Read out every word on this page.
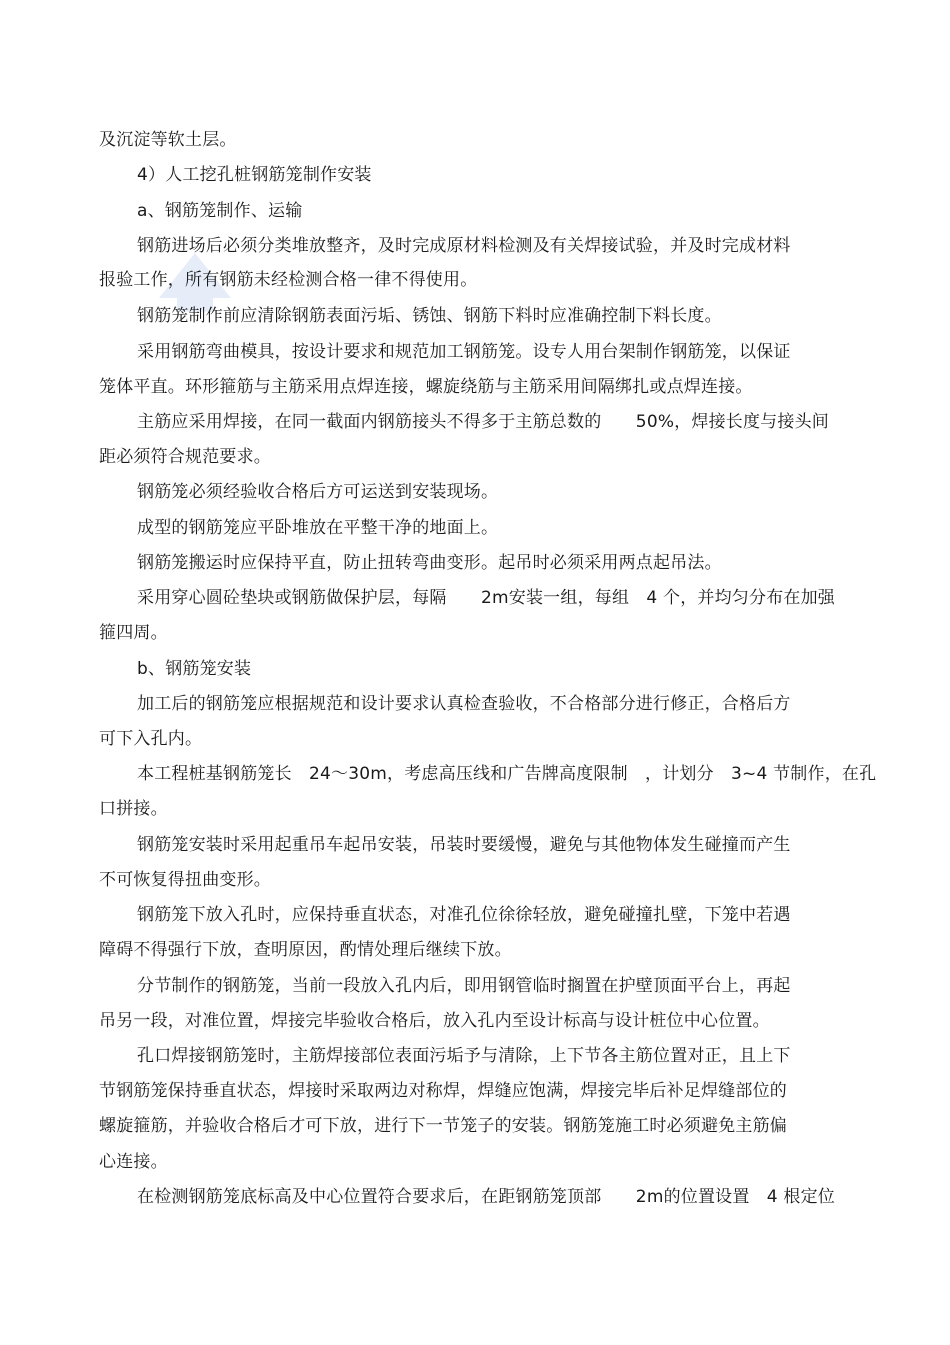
及沉淀等软土层。
4）人工挖孔桩钢筋笼制作安装
a、钢筋笼制作、运输
钢筋进场后必须分类堆放整齐，及时完成原材料检测及有关焊接试验，并及时完成材料
报验工作，所有钢筋未经检测合格一律不得使用。
钢筋笼制作前应清除钢筋表面污垢、锈蚀、钢筋下料时应准确控制下料长度。
采用钢筋弯曲模具，按设计要求和规范加工钢筋笼。设专人用台架制作钢筋笼，以保证
笼体平直。环形箍筋与主筋采用点焊连接，螺旋绕筋与主筋采用间隔绑扎或点焊连接。
主筋应采用焊接，在同一截面内钢筋接头不得多于主筋总数的　　50%，焊接长度与接头间
距必须符合规范要求。
钢筋笼必须经验收合格后方可运送到安装现场。
成型的钢筋笼应平卧堆放在平整干净的地面上。
钢筋笼搬运时应保持平直，防止扭转弯曲变形。起吊时必须采用两点起吊法。
采用穿心圆砼垫块或钢筋做保护层，每隔　　2m安装一组，每组　4 个，并均匀分布在加强
箍四周。
b、钢筋笼安装
加工后的钢筋笼应根据规范和设计要求认真检查验收，不合格部分进行修正，合格后方
可下入孔内。
本工程桩基钢筋笼长　24～30m，考虑高压线和广告牌高度限制　，计划分　3~4 节制作，在孔
口拼接。
钢筋笼安装时采用起重吊车起吊安装，吊装时要缓慢，避免与其他物体发生碰撞而产生
不可恢复得扭曲变形。
钢筋笼下放入孔时，应保持垂直状态，对准孔位徐徐轻放，避免碰撞扎壁，下笼中若遇
障碍不得强行下放，查明原因，酌情处理后继续下放。
分节制作的钢筋笼，当前一段放入孔内后，即用钢管临时搁置在护壁顶面平台上，再起
吊另一段，对准位置，焊接完毕验收合格后，放入孔内至设计标高与设计桩位中心位置。
孔口焊接钢筋笼时，主筋焊接部位表面污垢予与清除，上下节各主筋位置对正，且上下
节钢筋笼保持垂直状态，焊接时采取两边对称焊，焊缝应饱满，焊接完毕后补足焊缝部位的
螺旋箍筋，并验收合格后才可下放，进行下一节笼子的安装。钢筋笼施工时必须避免主筋偏
心连接。
在检测钢筋笼底标高及中心位置符合要求后，在距钢筋笼顶部　　2m的位置设置　4 根定位
